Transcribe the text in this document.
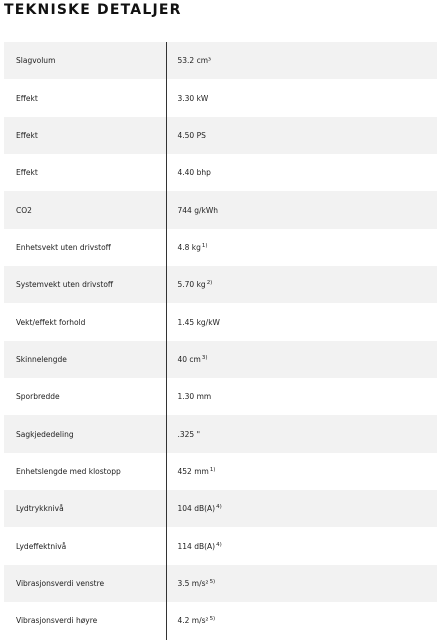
TEKNISKE DETALJER
Slagvolum	53.2 cm³
Effekt	3.30 kW
Effekt	4.50 PS
Effekt	4.40 bhp
CO2	744 g/kWh
Enhetsvekt uten drivstoff	4.8 $kg^{1)}$
Systemvekt uten drivstoff	5.70 $kg^{2)}$
Vekt/effekt forhold	1.45 kg/kW
Skinnelengde	40 $cm^{3)}$
Sporbredde	1.30 mm
Sagkjededeling	.325 "
Enhetslengde med klostopp	452 $mm^{1)}$
Lydtrykknivå	104 $dB(A)^{4)}$
Lydeffektnivå	114 $dB(A)^{4)}$
Vibrasjonsverdi venstre	3.5 m/s²$^{5)}$
Vibrasjonsverdi høyre	4.2 m/s²$^{5)}$
